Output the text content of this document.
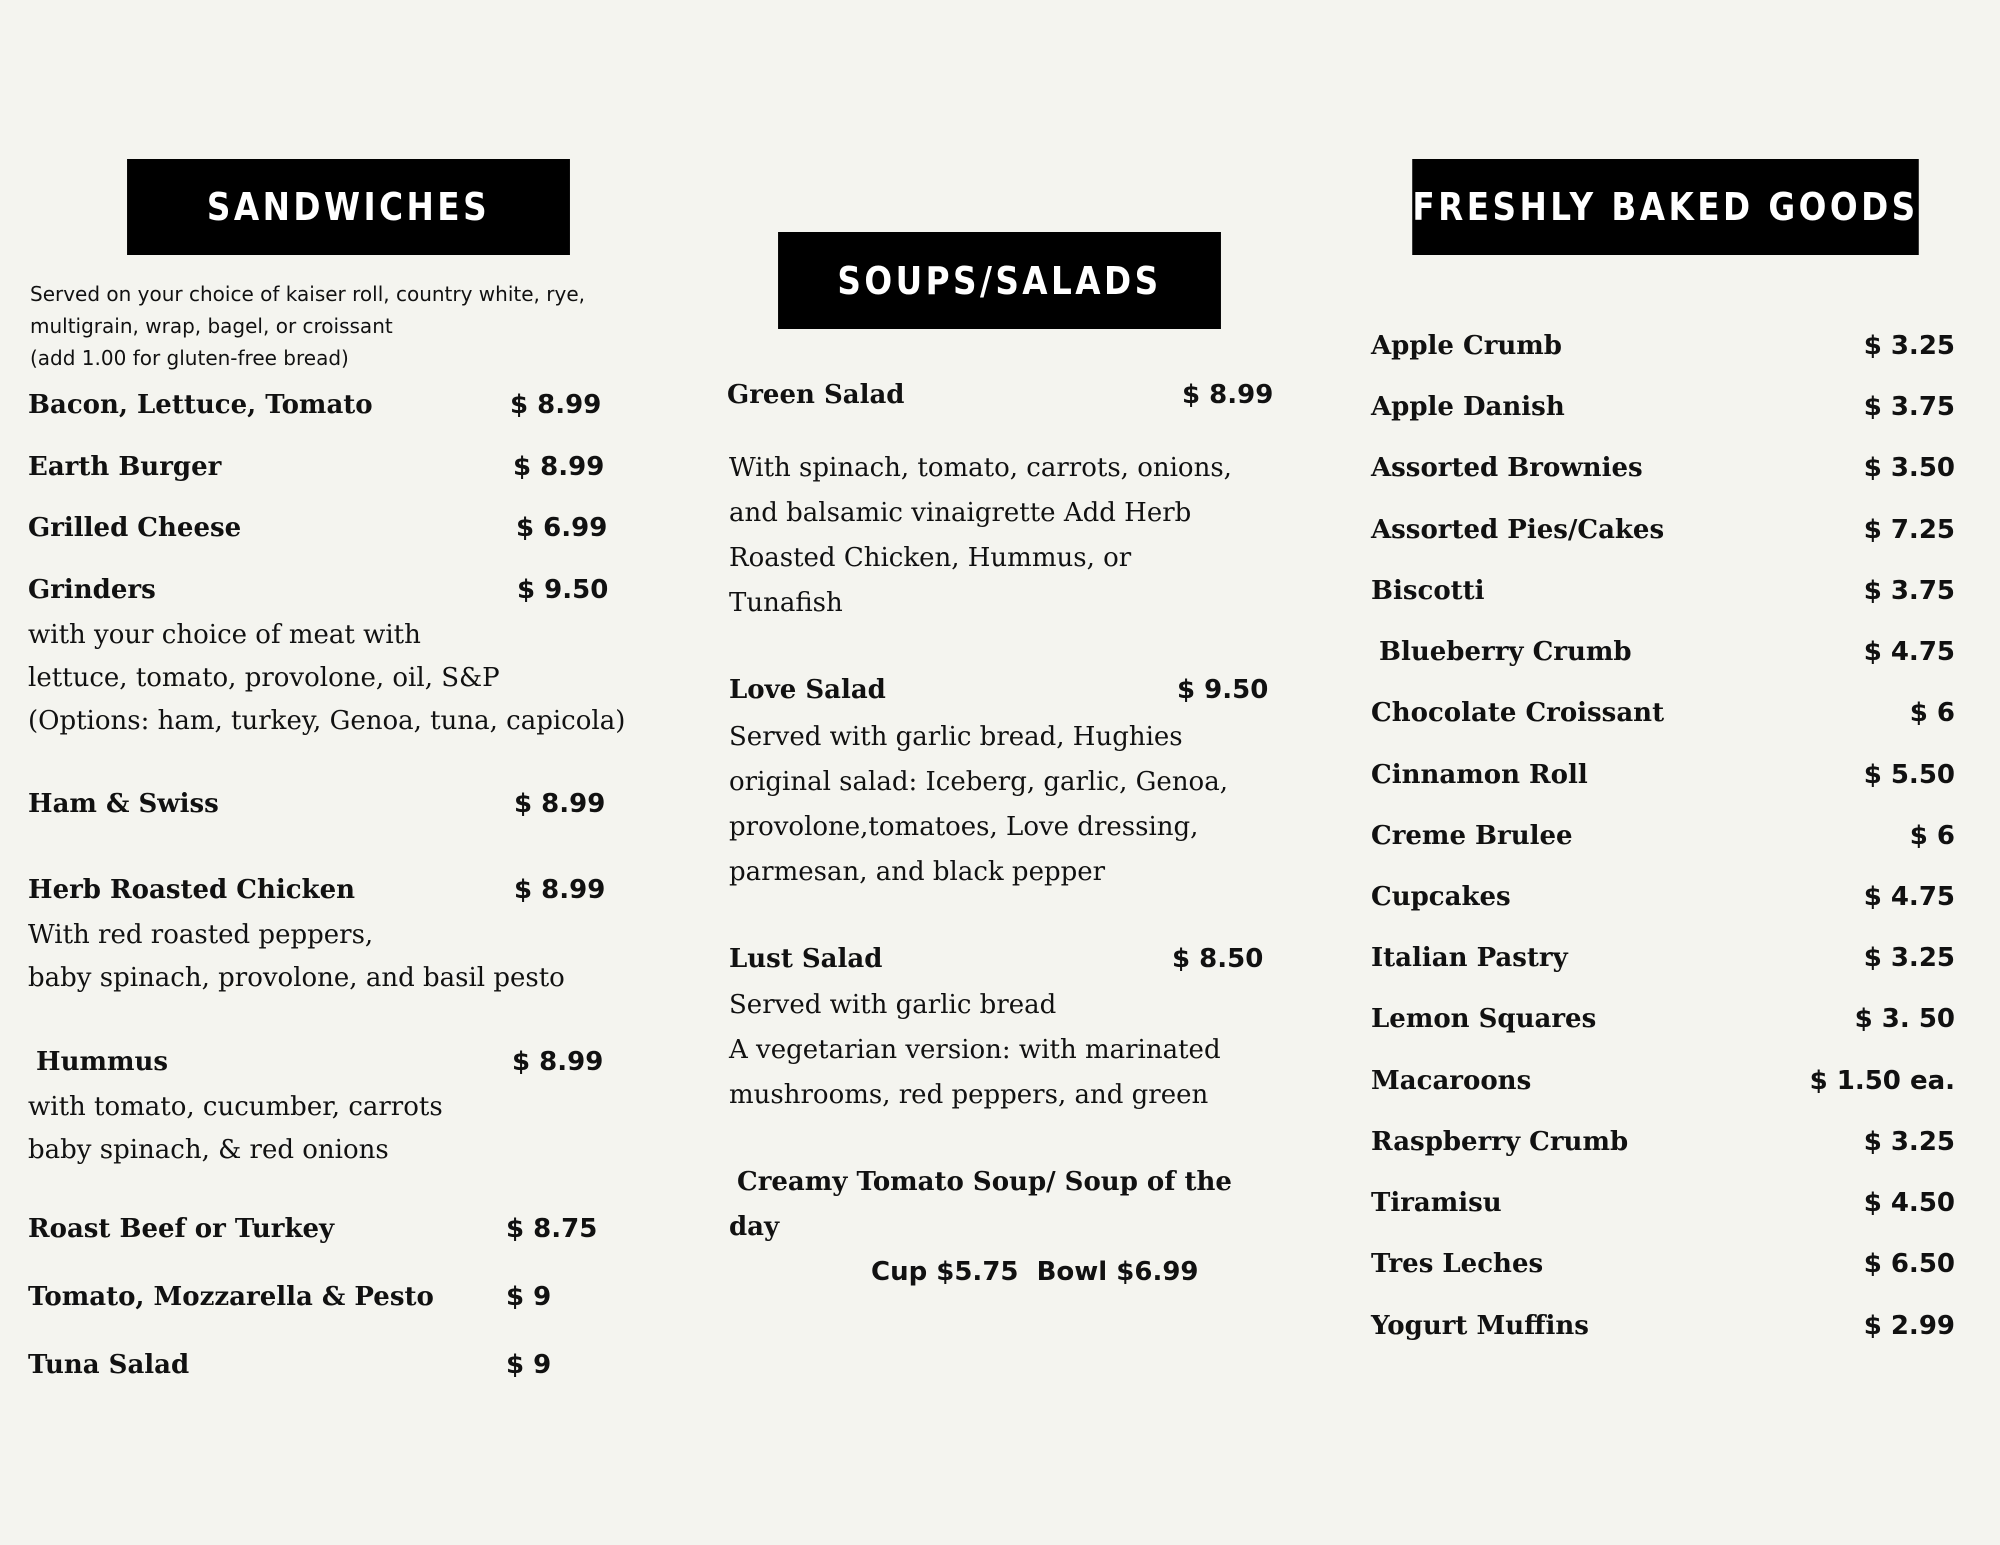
SANDWICHES
Served on your choice of kaiser roll, country white, rye,
multigrain, wrap, bagel, or croissant
(add 1.00 for gluten-free bread)
Bacon, Lettuce, Tomato	$ 8.99
Earth Burger	$ 8.99
Grilled Cheese	$ 6.99
Grinders	$ 9.50
with your choice of meat with
lettuce, tomato, provolone, oil, S&P
(Options: ham, turkey, Genoa, tuna, capicola)
Ham & Swiss	$ 8.99
Herb Roasted Chicken	$ 8.99
With red roasted peppers,
baby spinach, provolone, and basil pesto
Hummus	$ 8.99
with tomato, cucumber, carrots
baby spinach, & red onions
Roast Beef or Turkey	$ 8.75
Tomato, Mozzarella & Pesto	$ 9
Tuna Salad	$ 9
SOUPS/SALADS
Green Salad	$ 8.99
With spinach, tomato, carrots, onions,
and balsamic vinaigrette Add Herb
Roasted Chicken, Hummus, or
Tunafish
Love Salad	$ 9.50
Served with garlic bread, Hughies
original salad: Iceberg, garlic, Genoa,
provolone,tomatoes, Love dressing,
parmesan, and black pepper
Lust Salad	$ 8.50
Served with garlic bread
A vegetarian version: with marinated
mushrooms, red peppers, and green
Creamy Tomato Soup/ Soup of the
day
Cup $5.75  Bowl $6.99
FRESHLY BAKED GOODS
Apple Crumb	$ 3.25
Apple Danish	$ 3.75
Assorted Brownies	$ 3.50
Assorted Pies/Cakes	$ 7.25
Biscotti	$ 3.75
Blueberry Crumb	$ 4.75
Chocolate Croissant	$ 6
Cinnamon Roll	$ 5.50
Creme Brulee	$ 6
Cupcakes	$ 4.75
Italian Pastry	$ 3.25
Lemon Squares	$ 3. 50
Macaroons	$ 1.50 ea.
Raspberry Crumb	$ 3.25
Tiramisu	$ 4.50
Tres Leches	$ 6.50
Yogurt Muffins	$ 2.99
